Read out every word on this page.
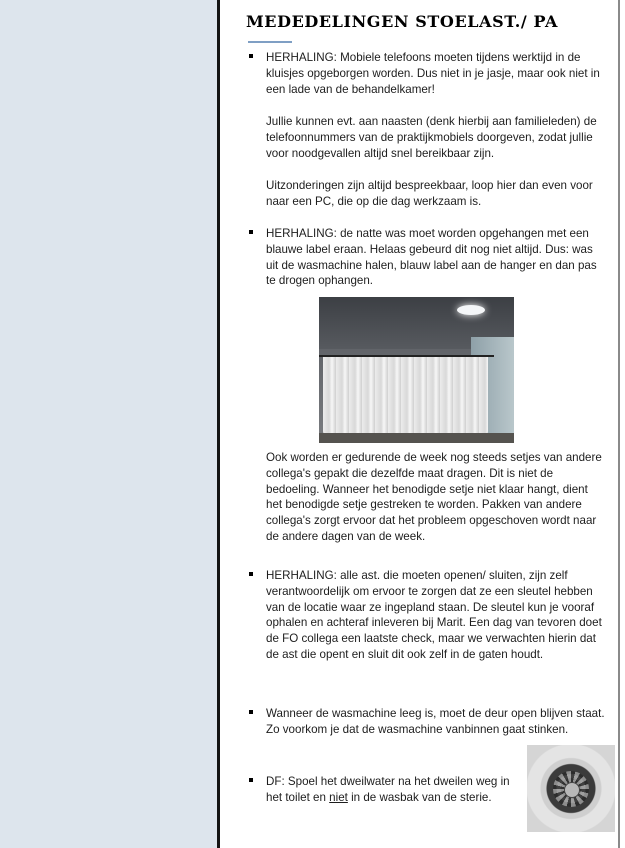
MEDEDELINGEN STOELAST./ PA
HERHALING: Mobiele telefoons moeten tijdens werktijd in de kluisjes opgeborgen worden. Dus niet in je jasje, maar ook niet in een lade van de behandelkamer!
Jullie kunnen evt. aan naasten (denk hierbij aan familieleden) de telefoonnummers van de praktijkmobiels doorgeven, zodat jullie voor noodgevallen altijd snel bereikbaar zijn.
Uitzonderingen zijn altijd bespreekbaar, loop hier dan even voor naar een PC, die op die dag werkzaam is.
HERHALING: de natte was moet worden opgehangen met een blauwe label eraan. Helaas gebeurd dit nog niet altijd. Dus: was uit de wasmachine halen, blauw label aan de hanger en dan pas te drogen ophangen.
Ook worden er gedurende de week nog steeds setjes van andere collega's gepakt die dezelfde maat dragen. Dit is niet de bedoeling. Wanneer het benodigde setje niet klaar hangt, dient het benodigde setje gestreken te worden. Pakken van andere collega's zorgt ervoor dat het probleem opgeschoven wordt naar de andere dagen van de week.
HERHALING: alle ast. die moeten openen/ sluiten, zijn zelf verantwoordelijk om ervoor te zorgen dat ze een sleutel hebben van de locatie waar ze ingepland staan. De sleutel kun je vooraf ophalen en achteraf inleveren bij Marit. Een dag van tevoren doet de FO collega een laatste check, maar we verwachten hierin dat de ast die opent en sluit dit ook zelf in de gaten houdt.
Wanneer de wasmachine leeg is, moet de deur open blijven staat. Zo voorkom je dat de wasmachine vanbinnen gaat stinken.
DF: Spoel het dweilwater na het dweilen weg in het toilet en niet in de wasbak van de sterie.
